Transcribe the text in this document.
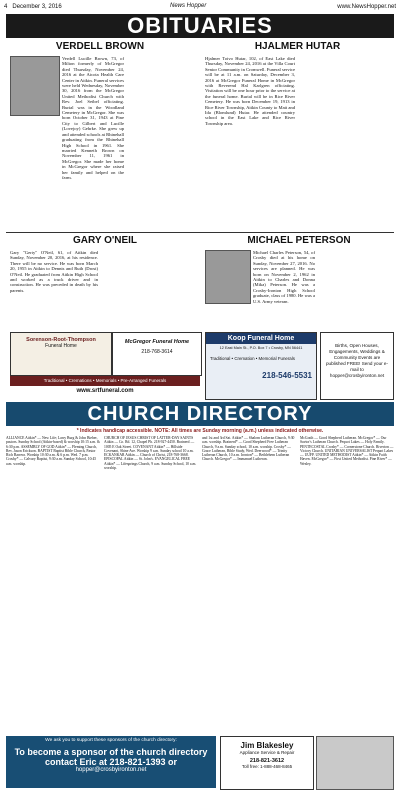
4 December 3, 2016	News Hopper	www.NewsHopper.net
OBITUARIES
VERDELL BROWN
Verdell Lucille Brown, 73, of Milton formerly of McGregor died Thursday, November 24, 2016 at the Aicota Health Care Center in Aitkin. Funeral services were held Wednesday, November 30, 2016 from the McGregor United Methodist Church with Rev. Joel Seibel officiating. Burial was in the Woodland Cemetery in McGregor. She was born October 31, 1943 at Pine City to Gilbert and Lucille (Lovejoy) Gehrke. She grew up and attended schools at Rhinehall graduating from the Rhinehall High School in 1961. She married Kenneth Brown on November 11, 1961 in McGregor. She made her home in McGregor where she raised her family and helped on the farm.
HJALMER HUTAR
Hjalmer Toivo Hutar, 102, of East Lake died Thursday, November 24, 2016 at the Villa Court Senior Community in Cromwell. Funeral service will be at 11 a.m. on Saturday, December 3, 2016 at McGregor Funeral Home in McGregor with Reverend Hal Karlgren officiating. Visitation will be one hour prior to the service at the funeral home. Burial will be in Rice River Cemetery. He was born December 19, 1913 in Rice River Township, Aitkin County to Matt and Ida (Blomlund) Hutar. He attended country school in the East Lake and Rice River Township area.
GARY O'NEIL
Gary "Gerty" O'Neil, 61, of Aitkin died Sunday, November 20, 2016, at his residence. There will be no service. He was born March 20, 1955 in Aitkin to Dennis and Ruth (Drost) O'Neil. He graduated from Aitkin High School and worked as a truck driver and in construction. He was preceded in death by his parents.
MICHAEL PETERSON
Michael Charles Peterson, 54, of Crosby died at his home on Sunday, November 27, 2016. No services are planned. He was born on November 2, 1962 in Aitkin to Charles and Donna (Mika) Peterson. He was a Crosby-Ironton High School graduate, class of 1980. He was a U.S. Army veteran.
Sorenson-Root-Thompson
Funeral Home
McGregor Funeral Home
218-768-3614
Traditional • Cremations • Memorials • Pre-Arranged Funerals
www.srtfuneral.com
Koop Funeral Home
12 East Main St., P.O. Box 7 • Crosby, MN 56441
Traditional • Cremation • Memorial Funerals
218-546-5531
Births, Open Houses, Engagements, Weddings & Community Events are published FREE! Send your e-mail to hopper@crosbyironton.net
CHURCH DIRECTORY
* Indicates handicap accessible. NOTE: All times are Sunday morning (a.m.) unless indicated otherwise.
ALLIANCE Aitkin* — New Life; Larry Burg & John Bieber, pastors. Sunday School (Aitkin-based) & worship 10:15 a.m. & 6:30 p.m. ASSEMBLY OF GOD Aitkin* — Fleming Church, Rev. Jason Erickson. BAPTIST Baptist Bible Church, Pastor Rich Barrera. Worship 10:30 a.m. & 6 p.m. Wed. 7 p.m. Crosby* — Calvary Baptist, 9:30 a.m. Sunday School, 10:45 a.m. worship.
CHURCH OF JESUS CHRIST OF LATTER-DAY SAINTS Aitkin — Co. Rd. 12, Chapel Ph. 218-927-4450. Brainerd — 1005 E Oak Street. COVENANT Aitkin* — Hillside Covenant, Shine Ave. Worship 9 a.m. Sunday school 10 a.m. ECKANKAR Aitkin — Church of Christ, 218-768-3668. EPISCOPAL Aitkin — St. John's. EVANGELICAL FREE Aitkin* — Lifesprings Church, 9 a.m. Sunday School, 10 a.m. worship.
and 1st and 3rd Sat. Aitkin* — Shalom Lutheran Church, 9:30 a.m. worship. Brainerd* — Good Shepherd Free Lutheran Church, 9 a.m. Sunday school, 10 a.m. worship. Crosby* — Grace Lutheran, Bible Study, Wed. Deerwood* — Trinity Lutheran Church, 10 a.m. Ironton* — Bethlehem Lutheran Church. McGregor* — Immanuel Lutheran.
McGrath — Good Shepherd Lutheran. McGregor* — Our Savior's Lutheran Church. Pequot Lakes — Holy Family. PENTECOSTAL Crosby* — Cornerstone Church. Riverton — Victory Church. UNITARIAN UNIVERSALIST Pequot Lakes — UUFP. UNITED METHODIST Aitkin* — Aitkin Faith Haven. McGregor* — First United Methodist. Pine River* — Wesley.
We ask you to support these sponsors of the church directory:
To become a sponsor of the church directory contact Eric at 218-821-1393 or
hopper@crosbyironton.net
Jim Blakesley
Appliance Service & Repair
218-821-3612
Toll free: 1-888-468-8465
